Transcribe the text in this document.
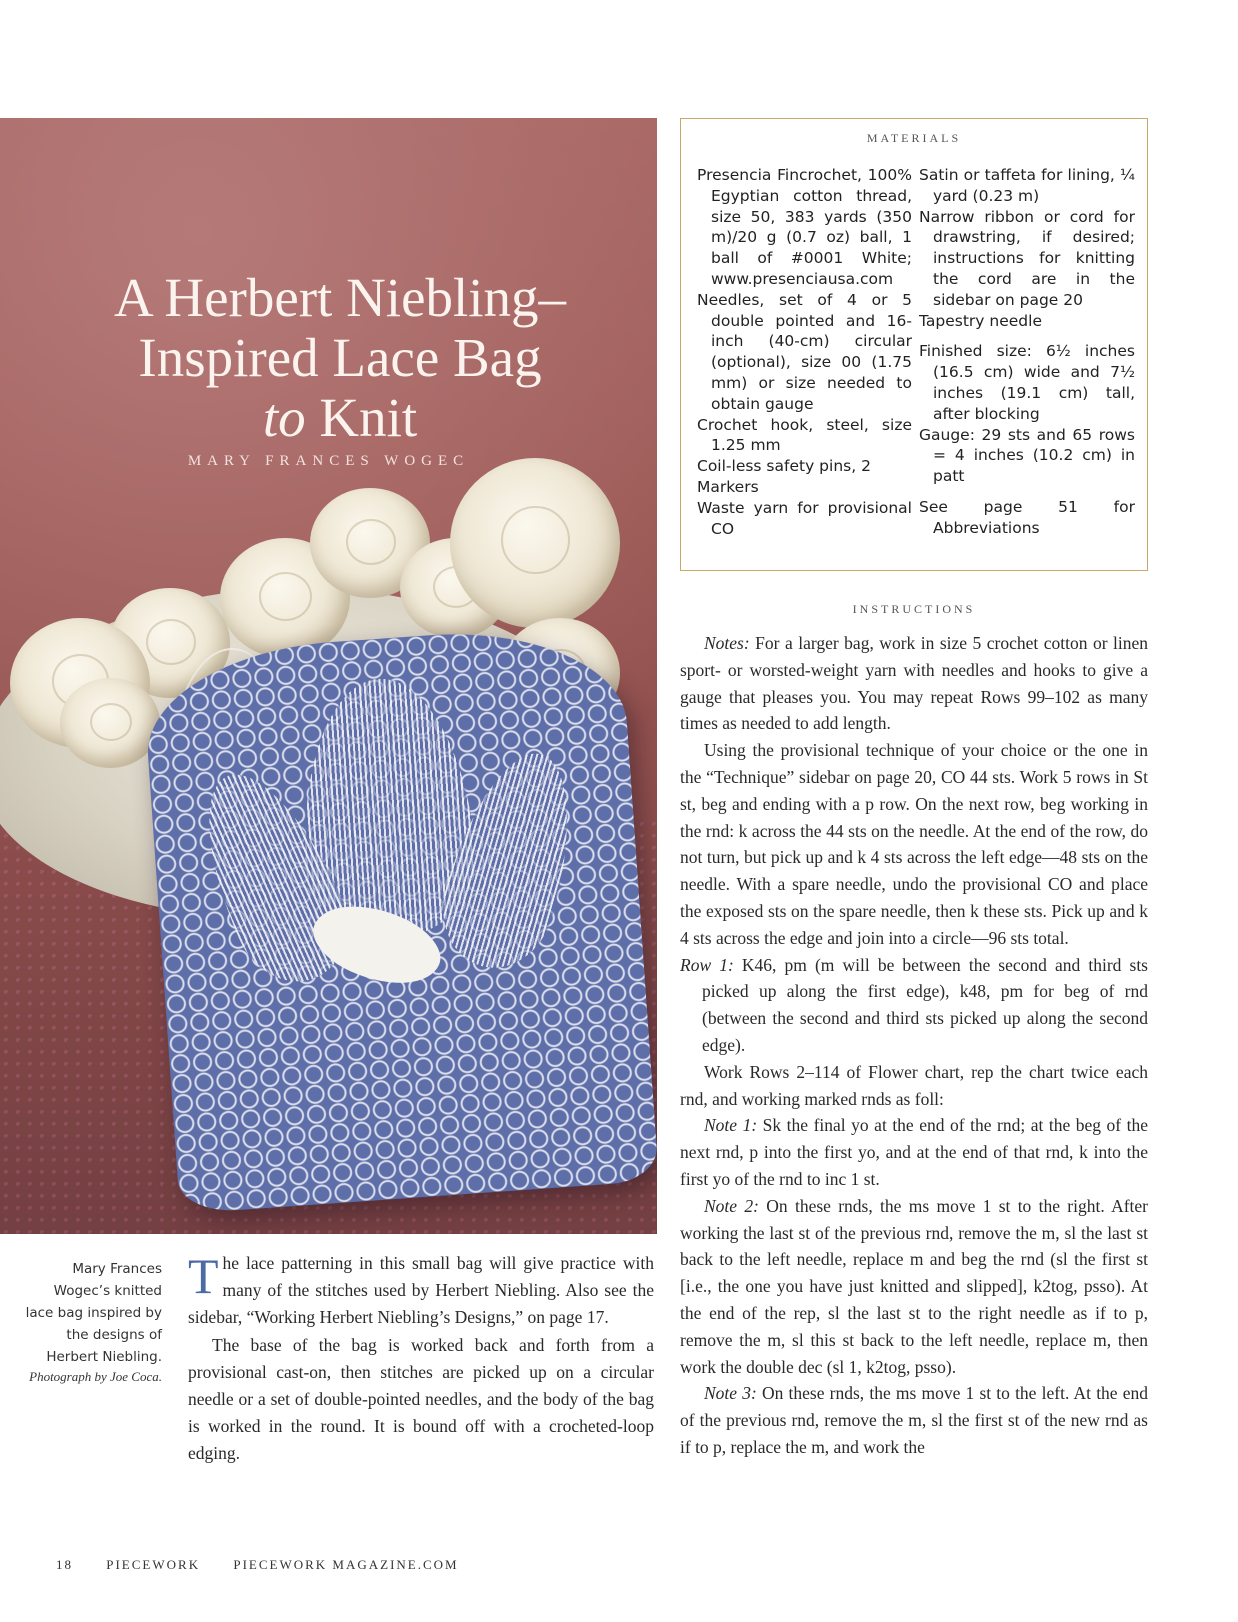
A Herbert Niebling–
Inspired Lace Bag
to Knit

MARY FRANCES WOGEC

MATERIALS
Presencia Fincrochet, 100% Egyptian cotton thread, size 50, 383 yards (350 m)/20 g (0.7 oz) ball, 1 ball of #0001 White; www.presenciausa.com
Needles, set of 4 or 5 double pointed and 16-inch (40-cm) circular (optional), size 00 (1.75 mm) or size needed to obtain gauge
Crochet hook, steel, size 1.25 mm
Coil-less safety pins, 2
Markers
Waste yarn for provisional CO
Satin or taffeta for lining, ¼ yard (0.23 m)
Narrow ribbon or cord for drawstring, if desired; instructions for knitting the cord are in the sidebar on page 20
Tapestry needle
Finished size: 6½ inches (16.5 cm) wide and 7½ inches (19.1 cm) tall, after blocking
Gauge: 29 sts and 65 rows = 4 inches (10.2 cm) in patt
See page 51 for Abbreviations

INSTRUCTIONS

Notes: For a larger bag, work in size 5 crochet cotton or linen sport- or worsted-weight yarn with needles and hooks to give a gauge that pleases you. You may repeat Rows 99–102 as many times as needed to add length.

Using the provisional technique of your choice or the one in the “Technique” sidebar on page 20, CO 44 sts. Work 5 rows in St st, beg and ending with a p row. On the next row, beg working in the rnd: k across the 44 sts on the needle. At the end of the row, do not turn, but pick up and k 4 sts across the left edge—48 sts on the needle. With a spare needle, undo the provisional CO and place the exposed sts on the spare needle, then k these sts. Pick up and k 4 sts across the edge and join into a circle—96 sts total.

Row 1: K46, pm (m will be between the second and third sts picked up along the first edge), k48, pm for beg of rnd (between the second and third sts picked up along the second edge).

Work Rows 2–114 of Flower chart, rep the chart twice each rnd, and working marked rnds as foll:

Note 1: Sk the final yo at the end of the rnd; at the beg of the next rnd, p into the first yo, and at the end of that rnd, k into the first yo of the rnd to inc 1 st.

Note 2: On these rnds, the ms move 1 st to the right. After working the last st of the previous rnd, remove the m, sl the last st back to the left needle, replace m and beg the rnd (sl the first st [i.e., the one you have just knitted and slipped], k2tog, psso). At the end of the rep, sl the last st to the right needle as if to p, remove the m, sl this st back to the left needle, replace m, then work the double dec (sl 1, k2tog, psso).

Note 3: On these rnds, the ms move 1 st to the left. At the end of the previous rnd, remove the m, sl the first st of the new rnd as if to p, replace the m, and work the

Mary Frances Wogec’s knitted lace bag inspired by the designs of Herbert Niebling.
Photograph by Joe Coca.

The lace patterning in this small bag will give practice with many of the stitches used by Herbert Niebling. Also see the sidebar, “Working Herbert Niebling’s Designs,” on page 17.

The base of the bag is worked back and forth from a provisional cast-on, then stitches are picked up on a circular needle or a set of double-pointed needles, and the body of the bag is worked in the round. It is bound off with a crocheted-loop edging.

18	PIECEWORK	PIECEWORK MAGAZINE.COM
